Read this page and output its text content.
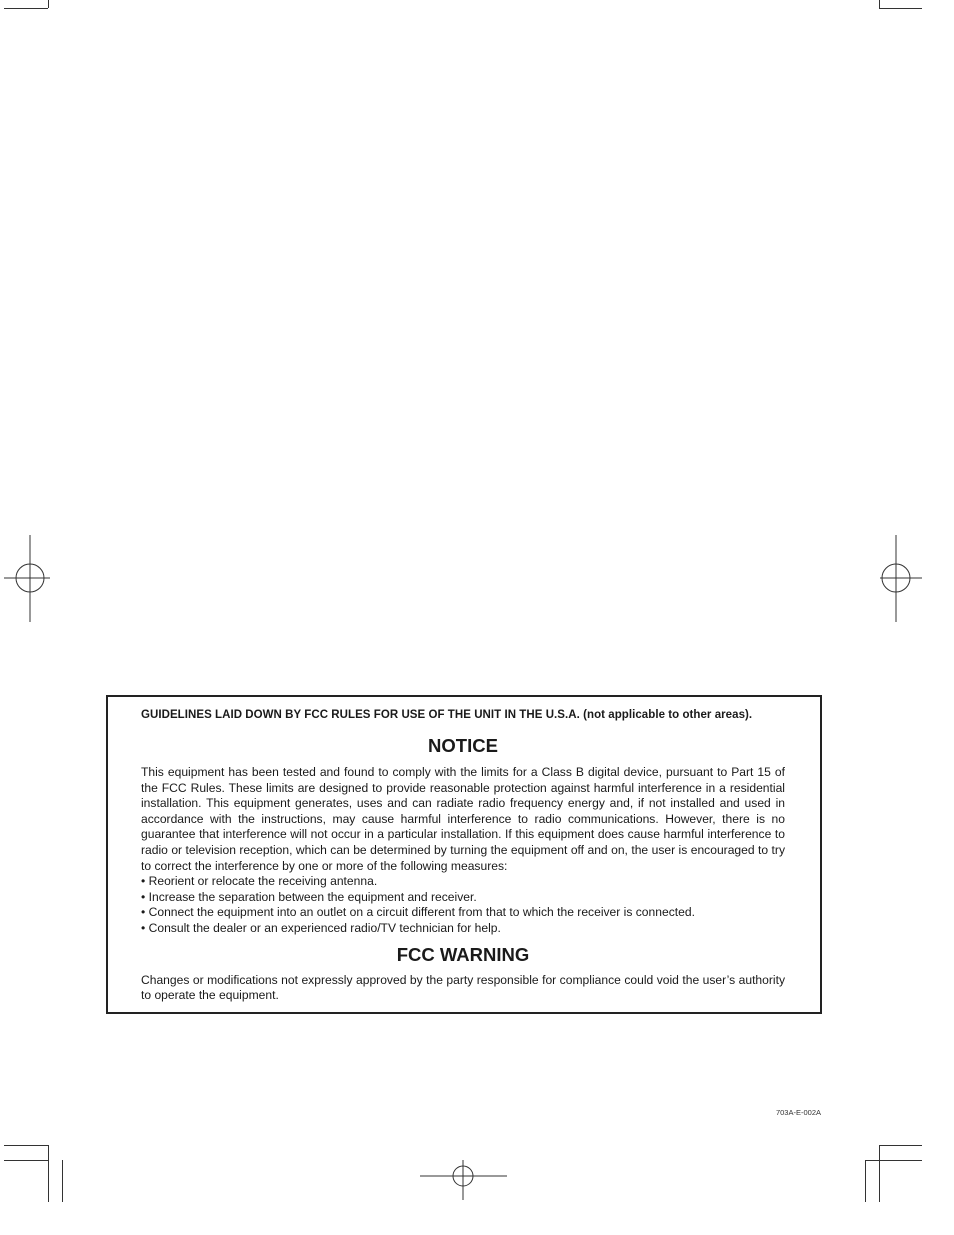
GUIDELINES LAID DOWN BY FCC RULES FOR USE OF THE UNIT IN THE U.S.A. (not applicable to other areas).

NOTICE

This equipment has been tested and found to comply with the limits for a Class B digital device, pursuant to Part 15 of the FCC Rules. These limits are designed to provide reasonable protection against harmful interference in a residential installation. This equipment generates, uses and can radiate radio frequency energy and, if not installed and used in accordance with the instructions, may cause harmful interference to radio communications. However, there is no guarantee that interference will not occur in a particular installation. If this equipment does cause harmful interference to radio or television reception, which can be determined by turning the equipment off and on, the user is encouraged to try to correct the interference by one or more of the following measures:

• Reorient or relocate the receiving antenna.
• Increase the separation between the equipment and receiver.
• Connect the equipment into an outlet on a circuit different from that to which the receiver is connected.
• Consult the dealer or an experienced radio/TV technician for help.
FCC WARNING

Changes or modifications not expressly approved by the party responsible for compliance could void the user’s authority to operate the equipment.

703A-E-002A
